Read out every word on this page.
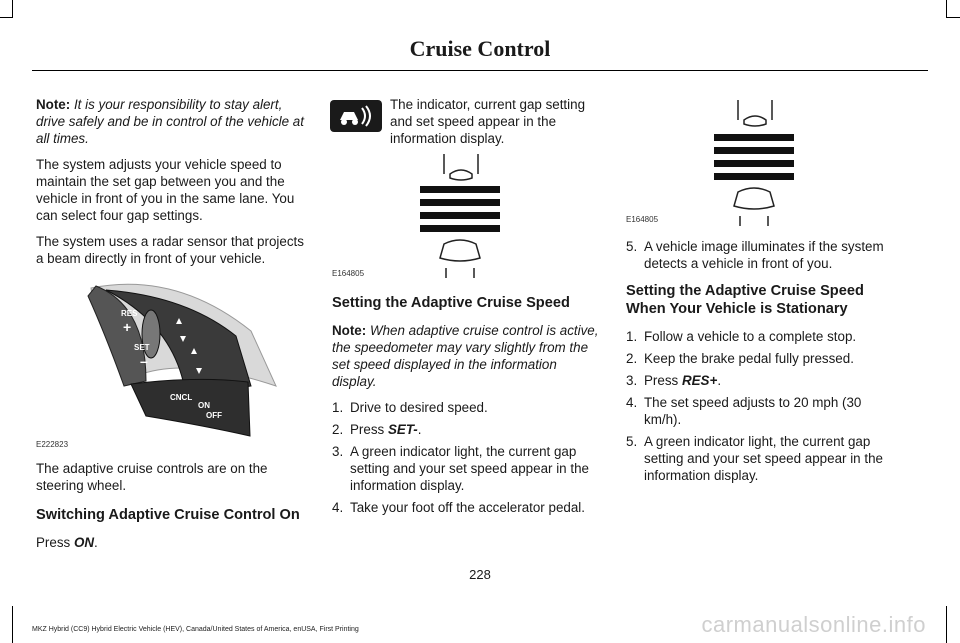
Cruise Control

Note: It is your responsibility to stay alert, drive safely and be in control of the vehicle at all times.

The system adjusts your vehicle speed to maintain the set gap between you and the vehicle in front of you in the same lane. You can select four gap settings.

The system uses a radar sensor that projects a beam directly in front of your vehicle.

RES
+
SET
–
CNCL
ON
OFF
E222823

The adaptive cruise controls are on the steering wheel.

Switching Adaptive Cruise Control On

Press ON.

The indicator, current gap setting and set speed appear in the information display.

E164805
Setting the Adaptive Cruise Speed

Note: When adaptive cruise control is active, the speedometer may vary slightly from the set speed displayed in the information display.

1. Drive to desired speed.
2. Press SET-.
3. A green indicator light, the current gap setting and your set speed appear in the information display.
4. Take your foot off the accelerator pedal.
E164805
5. A vehicle image illuminates if the system detects a vehicle in front of you.
Setting the Adaptive Cruise Speed When Your Vehicle is Stationary
1. Follow a vehicle to a complete stop.
2. Keep the brake pedal fully pressed.
3. Press RES+.
4. The set speed adjusts to 20 mph (30 km/h).
5. A green indicator light, the current gap setting and your set speed appear in the information display.
228
MKZ Hybrid (CC9) Hybrid Electric Vehicle (HEV), Canada/United States of America, enUSA, First Printing	carmanualsonline.info
